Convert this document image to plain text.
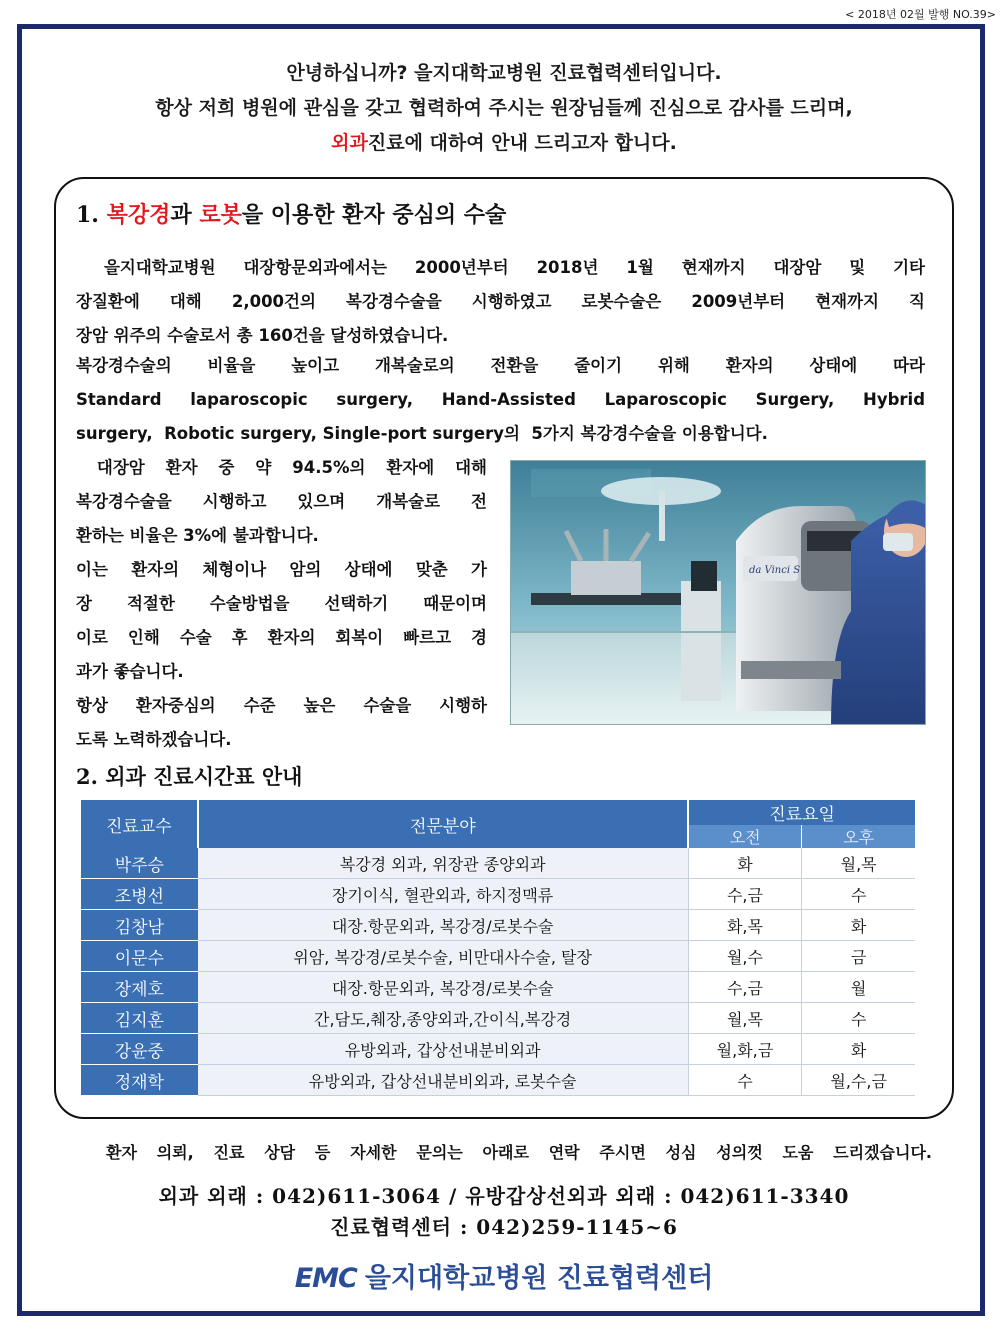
< 2018년 02월 발행 NO.39>
안녕하십니까? 을지대학교병원 진료협력센터입니다.
항상 저희 병원에 관심을 갖고 협력하여 주시는 원장님들께 진심으로 감사를 드리며,
외과진료에 대하여 안내 드리고자 합니다.
1. 복강경과 로봇을 이용한 환자 중심의 수술
을지대학교병원 대장항문외과에서는 2000년부터 2018년 1월 현재까지 대장암 및 기타
장질환에 대해 2,000건의 복강경수술을 시행하였고 로봇수술은 2009년부터 현재까지 직
장암 위주의 수술로서 총 160건을 달성하였습니다.
복강경수술의 비율을 높이고 개복술로의 전환을 줄이기 위해 환자의 상태에 따라
Standard laparoscopic surgery, Hand-Assisted Laparoscopic Surgery, Hybrid
surgery,  Robotic surgery, Single-port surgery의  5가지 복강경수술을 이용합니다.
대장암 환자 중 약 94.5%의 환자에 대해
복강경수술을 시행하고 있으며 개복술로 전
환하는 비율은 3%에 불과합니다.
이는 환자의 체형이나 암의 상태에 맞춘 가
장 적절한 수술방법을 선택하기 때문이며
이로 인해 수술 후 환자의 회복이 빠르고 경
과가 좋습니다.
항상 환자중심의 수준 높은 수술을 시행하
도록 노력하겠습니다.
da Vinci S
2. 외과 진료시간표 안내
진료교수	전문분야	진료요일	
		오전	오후
박주승	복강경 외과, 위장관 종양외과	화	월,목
조병선	장기이식, 혈관외과, 하지정맥류	수,금	수
김창남	대장.항문외과, 복강경/로봇수술	화,목	화
이문수	위암, 복강경/로봇수술, 비만대사수술, 탈장	월,수	금
장제호	대장.항문외과, 복강경/로봇수술	수,금	월
김지훈	간,담도,췌장,종양외과,간이식,복강경	월,목	수
강윤중	유방외과, 갑상선내분비외과	월,화,금	화
정재학	유방외과, 갑상선내분비외과, 로봇수술	수	월,수,금
환자 의뢰, 진료 상담 등 자세한 문의는 아래로 연락 주시면 성심 성의껏 도움 드리겠습니다.
외과 외래 : 042)611-3064 / 유방갑상선외과 외래 : 042)611-3340
진료협력센터 : 042)259-1145~6
EMC 을지대학교병원 진료협력센터
